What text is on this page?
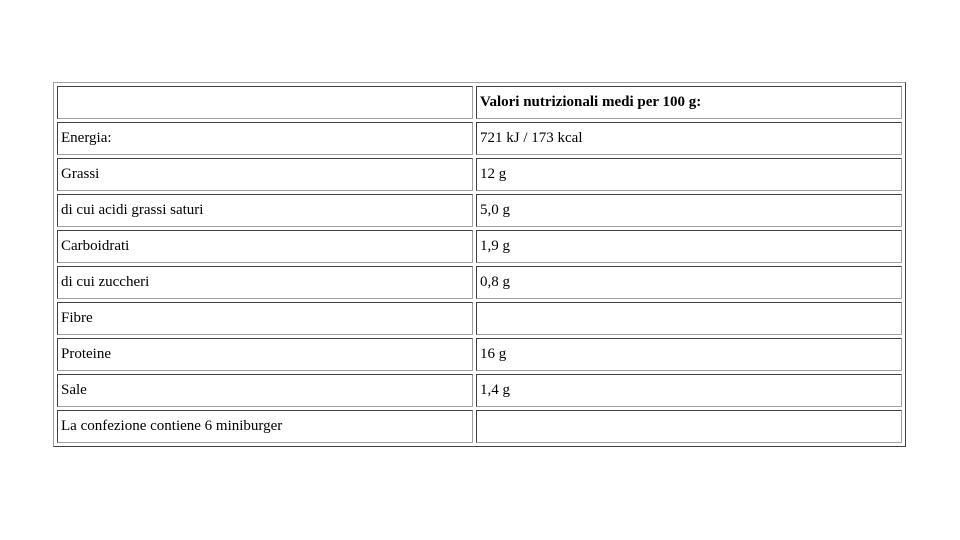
	Valori nutrizionali medi per 100 g:
Energia:	721 kJ / 173 kcal
Grassi	12 g
di cui acidi grassi saturi	5,0 g
Carboidrati	1,9 g
di cui zuccheri	0,8 g
Fibre	
Proteine	16 g
Sale	1,4 g
La confezione contiene 6 miniburger	
